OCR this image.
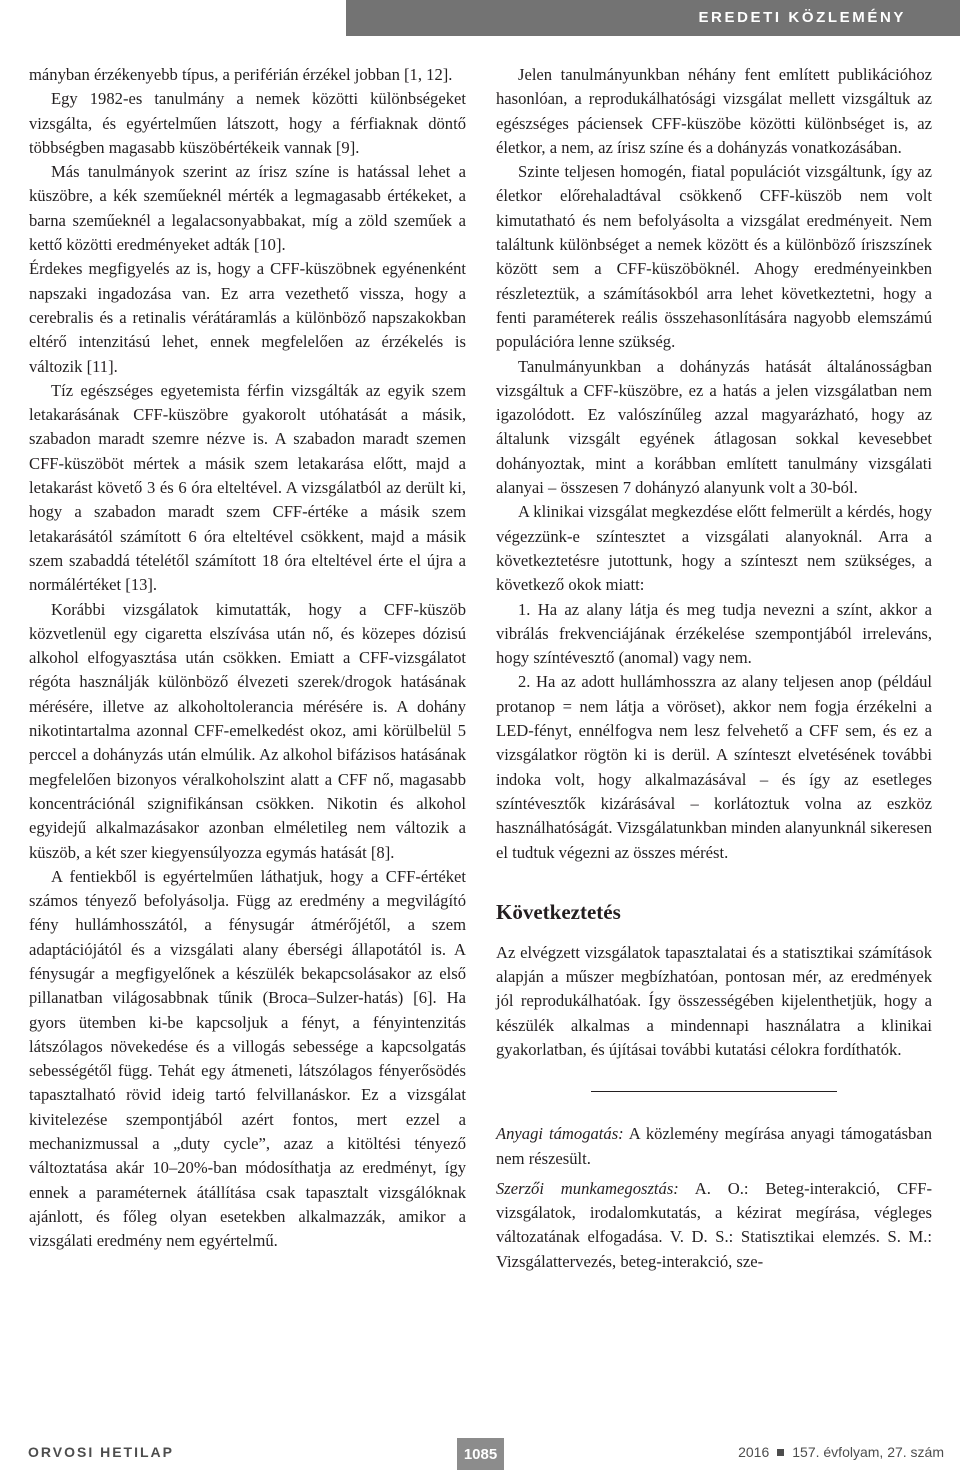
EREDETI KÖZLEMÉNY

mányban érzékenyebb típus, a periférián érzékel jobban [1, 12].

Egy 1982-es tanulmány a nemek közötti különbségeket vizsgálta, és egyértelműen látszott, hogy a férfiaknak döntő többségben magasabb küszöbértékeik vannak [9].

Más tanulmányok szerint az írisz színe is hatással lehet a küszöbre, a kék szeműeknél mérték a legmagasabb értékeket, a barna szeműeknél a legalacsonyabbakat, míg a zöld szeműek a kettő közötti eredményeket adták [10].

Érdekes megfigyelés az is, hogy a CFF-küszöbnek egyénenként napszaki ingadozása van. Ez arra vezethető vissza, hogy a cerebralis és a retinalis vérátáramlás a különböző napszakokban eltérő intenzitású lehet, ennek megfelelően az érzékelés is változik [11].

Tíz egészséges egyetemista férfin vizsgálták az egyik szem letakarásának CFF-küszöbre gyakorolt utóhatását a másik, szabadon maradt szemre nézve is. A szabadon maradt szemen CFF-küszöböt mértek a másik szem letakarása előtt, majd a letakarást követő 3 és 6 óra elteltével. A vizsgálatból az derült ki, hogy a szabadon maradt szem CFF-értéke a másik szem letakarásától számított 6 óra elteltével csökkent, majd a másik szem szabaddá tételétől számított 18 óra elteltével érte el újra a normálértéket [13].

Korábbi vizsgálatok kimutatták, hogy a CFF-küszöb közvetlenül egy cigaretta elszívása után nő, és közepes dózisú alkohol elfogyasztása után csökken. Emiatt a CFF-vizsgálatot régóta használják különböző élvezeti szerek/drogok hatásának mérésére, illetve az alkoholtolerancia mérésére is. A dohány nikotintartalma azonnal CFF-emelkedést okoz, ami körülbelül 5 perccel a dohányzás után elmúlik. Az alkohol bifázisos hatásának megfelelően bizonyos véralkoholszint alatt a CFF nő, magasabb koncentrációnál szignifikánsan csökken. Nikotin és alkohol egyidejű alkalmazásakor azonban elméletileg nem változik a küszöb, a két szer kiegyensúlyozza egymás hatását [8].

A fentiekből is egyértelműen láthatjuk, hogy a CFF-értéket számos tényező befolyásolja. Függ az eredmény a megvilágító fény hullámhosszától, a fénysugár átmérőjétől, a szem adaptációjától és a vizsgálati alany éberségi állapotától is. A fénysugár a megfigyelőnek a készülék bekapcsolásakor az első pillanatban világosabbnak tűnik (Broca–Sulzer-hatás) [6]. Ha gyors ütemben ki-be kapcsoljuk a fényt, a fényintenzitás látszólagos növekedése és a villogás sebessége a kapcsolgatás sebességétől függ. Tehát egy átmeneti, látszólagos fényerősödés tapasztalható rövid ideig tartó felvillanáskor. Ez a vizsgálat kivitelezése szempontjából azért fontos, mert ezzel a mechanizmussal a „duty cycle”, azaz a kitöltési tényező változtatása akár 10–20%-ban módosíthatja az eredményt, így ennek a paraméternek átállítása csak tapasztalt vizsgálóknak ajánlott, és főleg olyan esetekben alkalmazzák, amikor a vizsgálati eredmény nem egyértelmű.

Jelen tanulmányunkban néhány fent említett publikációhoz hasonlóan, a reprodukálhatósági vizsgálat mellett vizsgáltuk az egészséges páciensek CFF-küszöbe közötti különbséget is, az életkor, a nem, az írisz színe és a dohányzás vonatkozásában.

Szinte teljesen homogén, fiatal populációt vizsgáltunk, így az életkor előrehaladtával csökkenő CFF-küszöb nem volt kimutatható és nem befolyásolta a vizsgálat eredményeit. Nem találtunk különbséget a nemek között és a különböző íriszszínek között sem a CFF-küszöböknél. Ahogy eredményeinkben részleteztük, a számításokból arra lehet következtetni, hogy a fenti paraméterek reális összehasonlítására nagyobb elemszámú populációra lenne szükség.

Tanulmányunkban a dohányzás hatását általánosságban vizsgáltuk a CFF-küszöbre, ez a hatás a jelen vizsgálatban nem igazolódott. Ez valószínűleg azzal magyarázható, hogy az általunk vizsgált egyének átlagosan sokkal kevesebbet dohányoztak, mint a korábban említett tanulmány vizsgálati alanyai – összesen 7 dohányzó alanyunk volt a 30-ból.

A klinikai vizsgálat megkezdése előtt felmerült a kérdés, hogy végezzünk-e színtesztet a vizsgálati alanyoknál. Arra a következtetésre jutottunk, hogy a színteszt nem szükséges, a következő okok miatt:

1. Ha az alany látja és meg tudja nevezni a színt, akkor a vibrálás frekvenciájának érzékelése szempontjából irreleváns, hogy színtévesztő (anomal) vagy nem.

2. Ha az adott hullámhosszra az alany teljesen anop (például protanop = nem látja a vöröset), akkor nem fogja érzékelni a LED-fényt, ennélfogva nem lesz felvehető a CFF sem, és ez a vizsgálatkor rögtön ki is derül. A színteszt elvetésének további indoka volt, hogy alkalmazásával – és így az esetleges színtévesztők kizárásával – korlátoztuk volna az eszköz használhatóságát. Vizsgálatunkban minden alanyunknál sikeresen el tudtuk végezni az összes mérést.

Következtetés

Az elvégzett vizsgálatok tapasztalatai és a statisztikai számítások alapján a műszer megbízhatóan, pontosan mér, az eredmények jól reprodukálhatóak. Így összességében kijelenthetjük, hogy a készülék alkalmas a mindennapi használatra a klinikai gyakorlatban, és újításai további kutatási célokra fordíthatók.

Anyagi támogatás: A közlemény megírása anyagi támogatásban nem részesült.

Szerzői munkamegosztás: A. O.: Beteg-interakció, CFF-vizsgálatok, irodalomkutatás, a kézirat megírása, végleges változatának elfogadása. V. D. S.: Statisztikai elemzés. S. M.: Vizsgálattervezés, beteg-interakció, sze-

ORVOSI HETILAP	1085	2016 157. évfolyam, 27. szám
